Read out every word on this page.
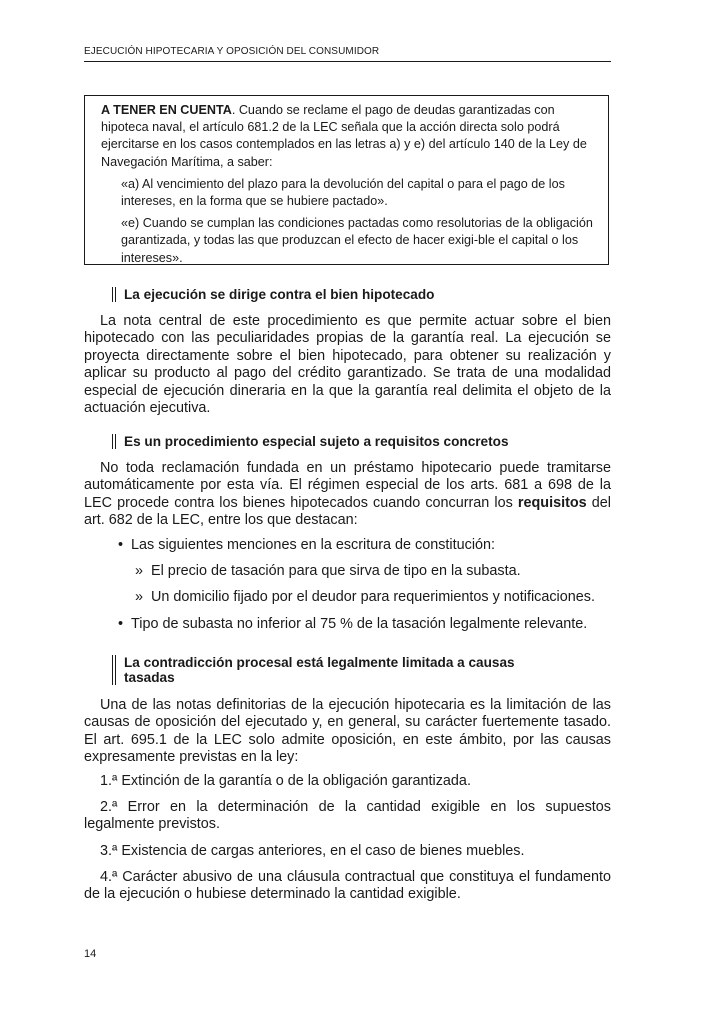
EJECUCIÓN HIPOTECARIA Y OPOSICIÓN DEL CONSUMIDOR

A TENER EN CUENTA. Cuando se reclame el pago de deudas garantizadas con hipoteca naval, el artículo 681.2 de la LEC señala que la acción directa solo podrá ejercitarse en los casos contemplados en las letras a) y e) del artículo 140 de la Ley de Navegación Marítima, a saber:

«a) Al vencimiento del plazo para la devolución del capital o para el pago de los intereses, en la forma que se hubiere pactado».

«e) Cuando se cumplan las condiciones pactadas como resolutorias de la obligación garantizada, y todas las que produzcan el efecto de hacer exigi-ble el capital o los intereses».

La ejecución se dirige contra el bien hipotecado
La nota central de este procedimiento es que permite actuar sobre el bien hipotecado con las peculiaridades propias de la garantía real. La ejecución se proyecta directamente sobre el bien hipotecado, para obtener su realización y aplicar su producto al pago del crédito garantizado. Se trata de una modalidad especial de ejecución dineraria en la que la garantía real delimita el objeto de la actuación ejecutiva.
Es un procedimiento especial sujeto a requisitos concretos
No toda reclamación fundada en un préstamo hipotecario puede tramitarse automáticamente por esta vía. El régimen especial de los arts. 681 a 698 de la LEC procede contra los bienes hipotecados cuando concurran los requisitos del art. 682 de la LEC, entre los que destacan:
• Las siguientes menciones en la escritura de constitución:
» El precio de tasación para que sirva de tipo en la subasta.
» Un domicilio fijado por el deudor para requerimientos y notificaciones.
• Tipo de subasta no inferior al 75 % de la tasación legalmente relevante.
La contradicción procesal está legalmente limitada a causas
tasadas
Una de las notas definitorias de la ejecución hipotecaria es la limitación de las causas de oposición del ejecutado y, en general, su carácter fuertemente tasado. El art. 695.1 de la LEC solo admite oposición, en este ámbito, por las causas expresamente previstas en la ley:
1.ª Extinción de la garantía o de la obligación garantizada.
2.ª Error en la determinación de la cantidad exigible en los supuestos legalmente previstos.
3.ª Existencia de cargas anteriores, en el caso de bienes muebles.
4.ª Carácter abusivo de una cláusula contractual que constituya el fundamento de la ejecución o hubiese determinado la cantidad exigible.
14
